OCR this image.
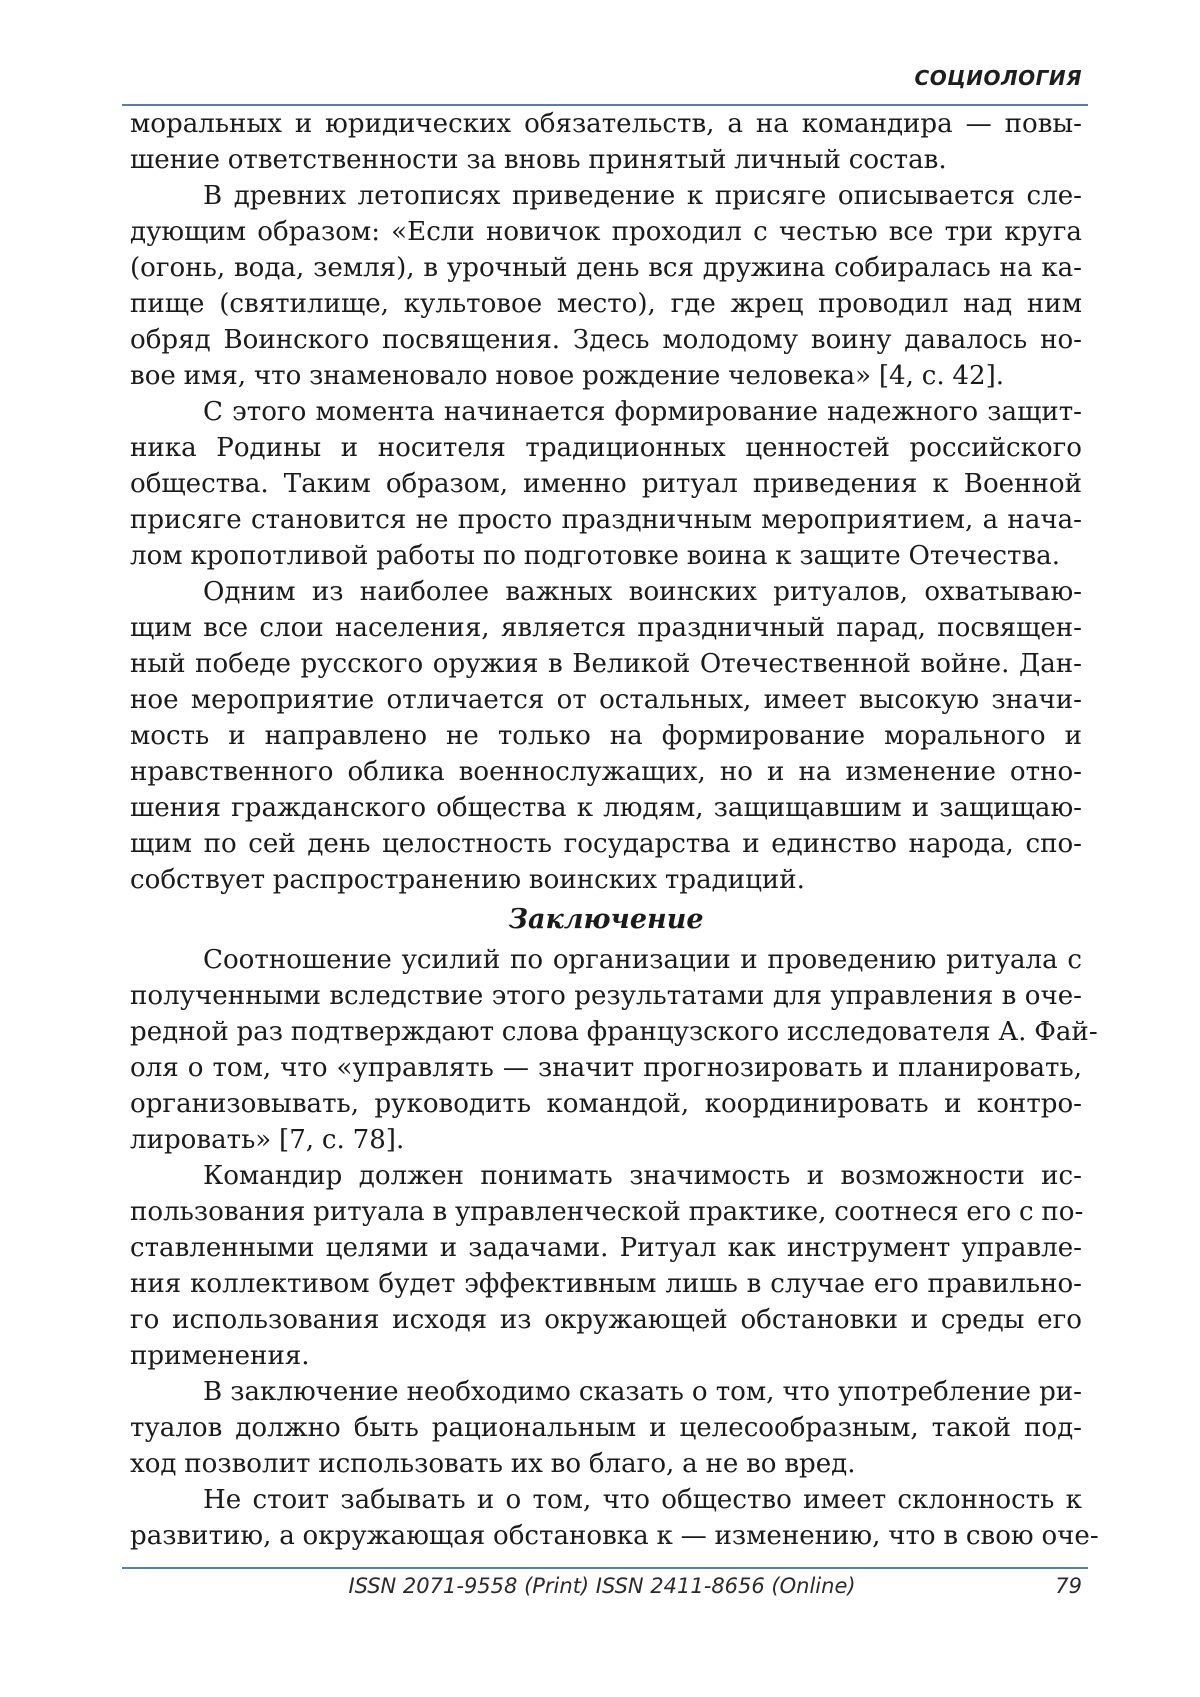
СОЦИОЛОГИЯ
моральных и юридических обязательств, а на командира — повы-
шение ответственности за вновь принятый личный состав.
В древних летописях приведение к присяге описывается сле-
дующим образом: «Если новичок проходил с честью все три круга
(огонь, вода, земля), в урочный день вся дружина собиралась на ка-
пище (святилище, культовое место), где жрец проводил над ним
обряд Воинского посвящения. Здесь молодому воину давалось но-
вое имя, что знаменовало новое рождение человека» [4, с. 42].
С этого момента начинается формирование надежного защит-
ника Родины и носителя традиционных ценностей российского
общества. Таким образом, именно ритуал приведения к Военной
присяге становится не просто праздничным мероприятием, а нача-
лом кропотливой работы по подготовке воина к защите Отечества.
Одним из наиболее важных воинских ритуалов, охватываю-
щим все слои населения, является праздничный парад, посвящен-
ный победе русского оружия в Великой Отечественной войне. Дан-
ное мероприятие отличается от остальных, имеет высокую значи-
мость и направлено не только на формирование морального и
нравственного облика военнослужащих, но и на изменение отно-
шения гражданского общества к людям, защищавшим и защищаю-
щим по сей день целостность государства и единство народа, спо-
собствует распространению воинских традиций.
Заключение
Соотношение усилий по организации и проведению ритуала с
полученными вследствие этого результатами для управления в оче-
редной раз подтверждают слова французского исследователя А. Фай-
оля о том, что «управлять — значит прогнозировать и планировать,
организовывать, руководить командой, координировать и контро-
лировать» [7, с. 78].
Командир должен понимать значимость и возможности ис-
пользования ритуала в управленческой практике, соотнеся его с по-
ставленными целями и задачами. Ритуал как инструмент управле-
ния коллективом будет эффективным лишь в случае его правильно-
го использования исходя из окружающей обстановки и среды его
применения.
В заключение необходимо сказать о том, что употребление ри-
туалов должно быть рациональным и целесообразным, такой под-
ход позволит использовать их во благо, а не во вред.
Не стоит забывать и о том, что общество имеет склонность к
развитию, а окружающая обстановка к — изменению, что в свою оче-
ISSN 2071-9558 (Print) ISSN 2411-8656 (Online)	79
